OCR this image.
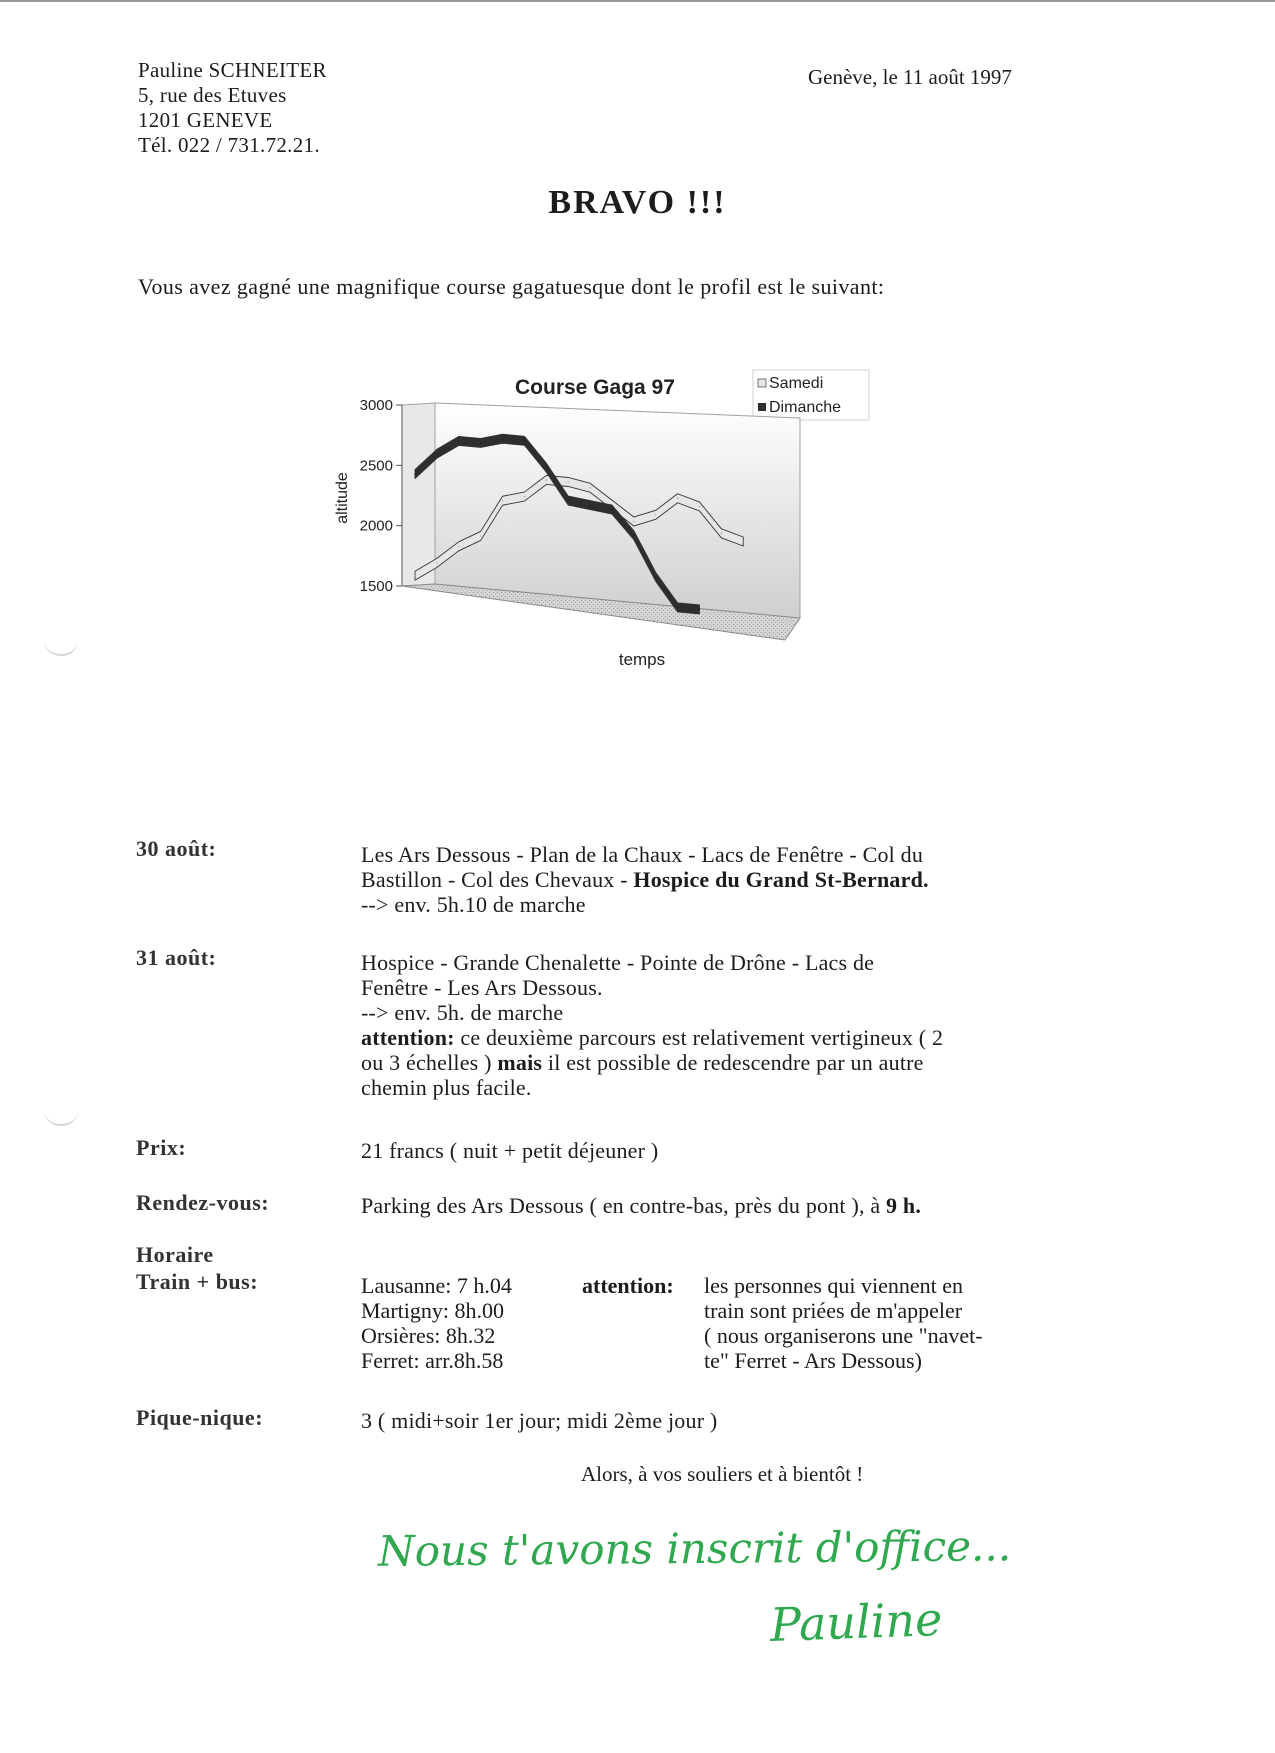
Pauline SCHNEITER
5, rue des Etuves
1201 GENEVE
Tél. 022 / 731.72.21.
Genève, le 11 août 1997
BRAVO !!!
Vous avez gagné une magnifique course gagatuesque dont le profil est le suivant:
Course Gaga 97	Samedi
Dimanche
1500
2000
2500
3000
altitude
temps
30 août:	Les Ars Dessous - Plan de la Chaux - Lacs de Fenêtre - Col du
Bastillon - Col des Chevaux - Hospice du Grand St-Bernard.
--> env. 5h.10 de marche
31 août:	Hospice - Grande Chenalette - Pointe de Drône - Lacs de
Fenêtre - Les Ars Dessous.
--> env. 5h. de marche
attention: ce deuxième parcours est relativement vertigineux ( 2
ou 3 échelles ) mais il est possible de redescendre par un autre
chemin plus facile.
Prix:	21 francs ( nuit + petit déjeuner )
Rendez-vous:	Parking des Ars Dessous ( en contre-bas, près du pont ), à 9 h.
Horaire
Train + bus:	Lausanne: 7 h.04
Martigny: 8h.00
Orsières: 8h.32
Ferret: arr.8h.58
attention: les personnes qui viennent en
train sont priées de m'appeler
( nous organiserons une "navet-
te" Ferret - Ars Dessous)
Pique-nique:	3 ( midi+soir 1er jour; midi 2ème jour )
Alors, à vos souliers et à bientôt !
Nous t'avons inscrit d'office...
Pauline
